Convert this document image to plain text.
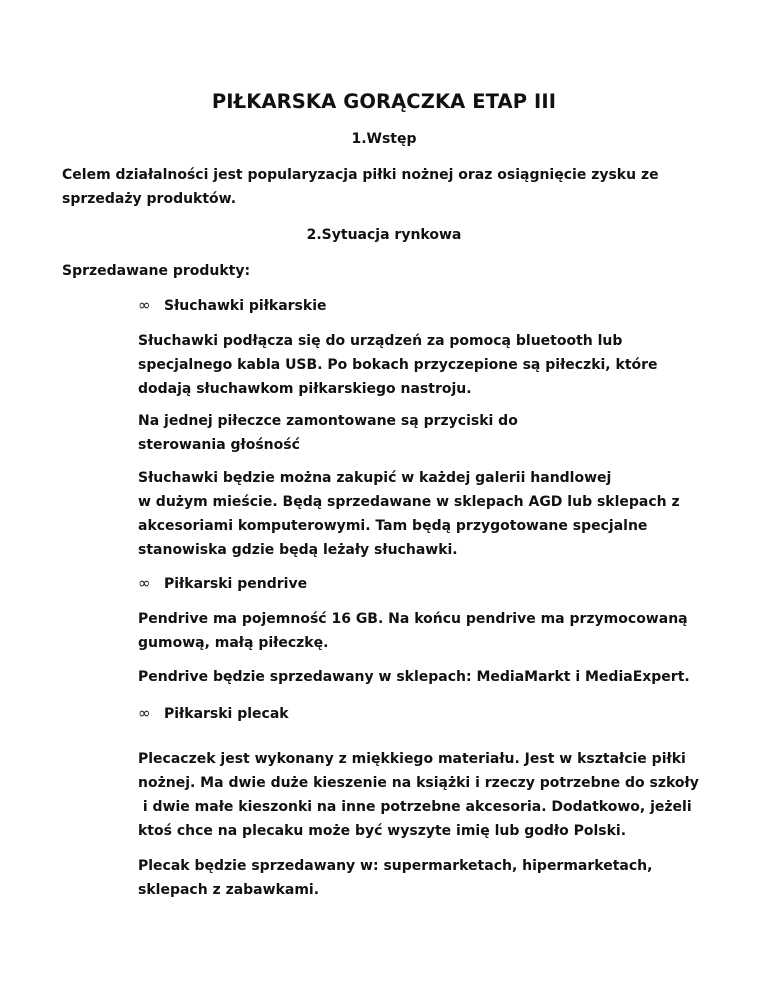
PIŁKARSKA GORĄCZKA ETAP III

1.Wstęp

Celem działalności jest popularyzacja piłki nożnej oraz osiągnięcie zysku ze

sprzedaży produktów.

2.Sytuacja rynkowa

Sprzedawane produkty:

∞ Słuchawki piłkarskie

Słuchawki podłącza się do urządzeń za pomocą bluetooth lub

specjalnego kabla USB. Po bokach przyczepione są piłeczki, które

dodają słuchawkom piłkarskiego nastroju.

Na jednej piłeczce zamontowane są przyciski do

sterowania głośność

Słuchawki będzie można zakupić w każdej galerii handlowej

w dużym mieście. Będą sprzedawane w sklepach AGD lub sklepach z

akcesoriami komputerowymi. Tam będą przygotowane specjalne

stanowiska gdzie będą leżały słuchawki.

∞ Piłkarski pendrive

Pendrive ma pojemność 16 GB. Na końcu pendrive ma przymocowaną

gumową, małą piłeczkę.

Pendrive będzie sprzedawany w sklepach: MediaMarkt i MediaExpert.

∞ Piłkarski plecak

Plecaczek jest wykonany z miękkiego materiału. Jest w kształcie piłki

nożnej. Ma dwie duże kieszenie na książki i rzeczy potrzebne do szkoły

i dwie małe kieszonki na inne potrzebne akcesoria. Dodatkowo, jeżeli

ktoś chce na plecaku może być wyszyte imię lub godło Polski.

Plecak będzie sprzedawany w: supermarketach, hipermarketach,

sklepach z zabawkami.
